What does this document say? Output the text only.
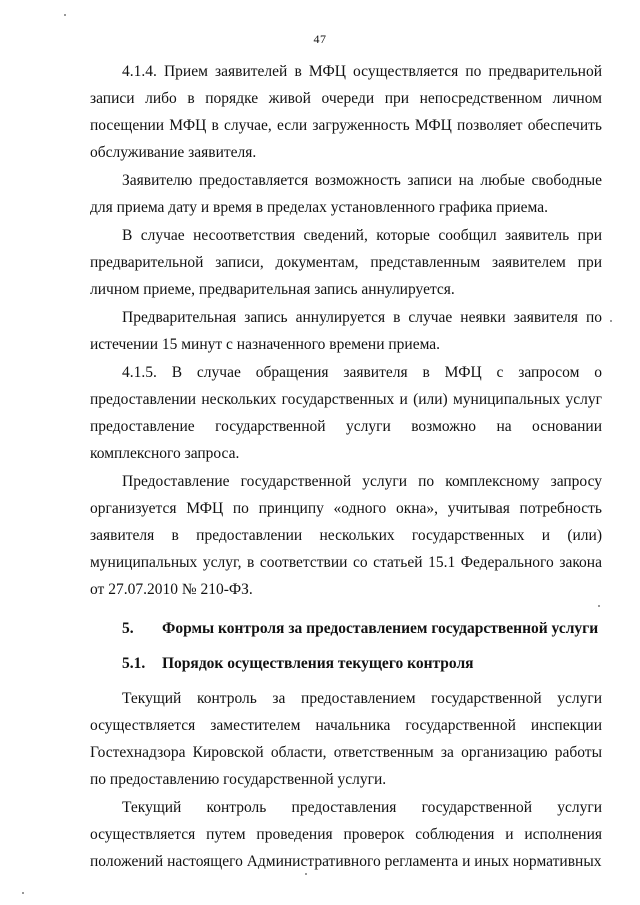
47

4.1.4. Прием заявителей в МФЦ осуществляется по предварительной записи либо в порядке живой очереди при непосредственном личном посещении МФЦ в случае, если загруженность МФЦ позволяет обеспечить обслуживание заявителя.

Заявителю предоставляется возможность записи на любые свободные для приема дату и время в пределах установленного графика приема.

В случае несоответствия сведений, которые сообщил заявитель при предварительной записи, документам, представленным заявителем при личном приеме, предварительная запись аннулируется.

Предварительная запись аннулируется в случае неявки заявителя по истечении 15 минут с назначенного времени приема.

4.1.5. В случае обращения заявителя в МФЦ с запросом о предоставлении нескольких государственных и (или) муниципальных услуг предоставление государственной услуги возможно на основании комплексного запроса.

Предоставление государственной услуги по комплексному запросу организуется МФЦ по принципу «одного окна», учитывая потребность заявителя в предоставлении нескольких государственных и (или) муниципальных услуг, в соответствии со статьей 15.1 Федерального закона от 27.07.2010 № 210-ФЗ.

5.	Формы контроля за предоставлением государственной услуги
5.1.	Порядок осуществления текущего контроля

Текущий контроль за предоставлением государственной услуги осуществляется заместителем начальника государственной инспекции Гостехнадзора Кировской области, ответственным за организацию работы по предоставлению государственной услуги.

Текущий контроль предоставления государственной услуги осуществляется путем проведения проверок соблюдения и исполнения положений настоящего Административного регламента и иных нормативных
